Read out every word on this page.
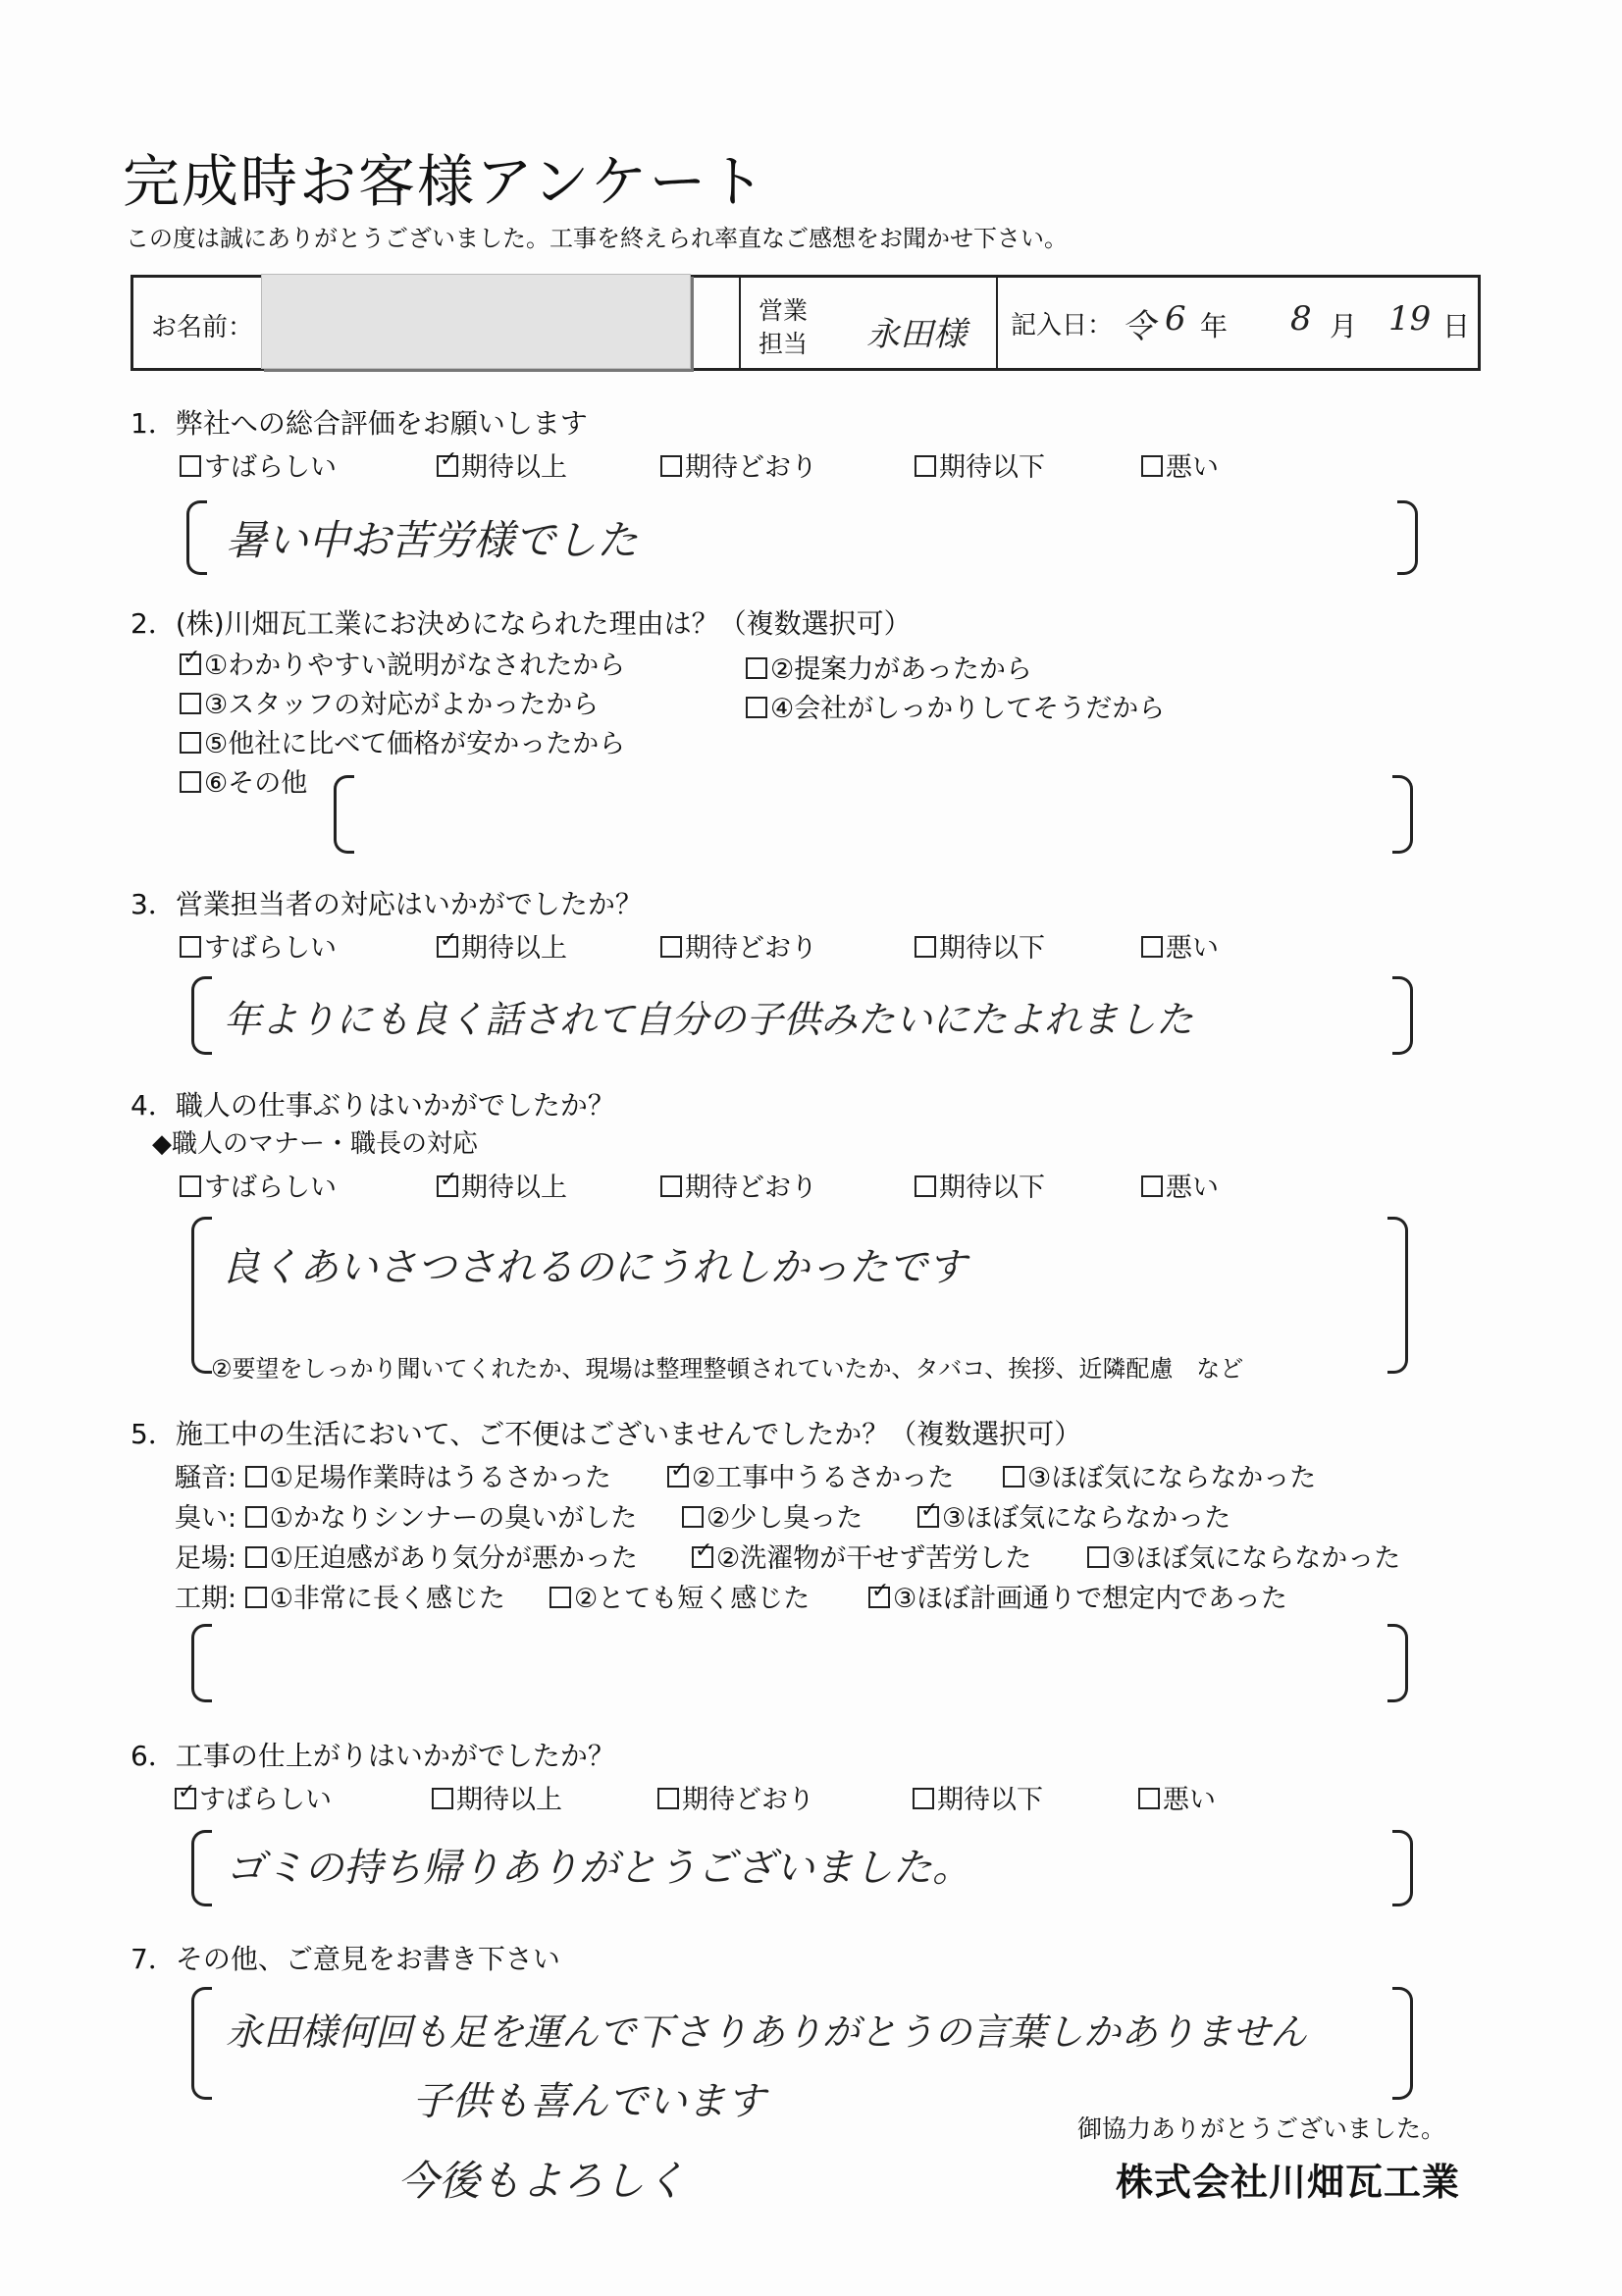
完成時お客様アンケート
この度は誠にありがとうございました。工事を終えられ率直なご感想をお聞かせ下さい。
お名前：
営業
担当 永田様 記入日： 令 6 年 8 月 19 日
1．弊社への総合評価をお願いします
すばらしい ✓	期待以上	期待どおり	期待以下	悪い
暑い中お苦労様でした
2．(株)川畑瓦工業にお決めになられた理由は？（複数選択可）
✓①わかりやすい説明がなされたから	②提案力があったから
③スタッフの対応がよかったから	④会社がしっかりしてそうだから
⑤他社に比べて価格が安かったから
⑥その他
3．営業担当者の対応はいかがでしたか？
すばらしい ✓	期待以上	期待どおり	期待以下	悪い
年よりにも良く話されて自分の子供みたいにたよれました
4．職人の仕事ぶりはいかがでしたか？
◆職人のマナー・職長の対応
すばらしい ✓	期待以上	期待どおり	期待以下	悪い
良くあいさつされるのにうれしかったです
②要望をしっかり聞いてくれたか、現場は整理整頓されていたか、タバコ、挨拶、近隣配慮　など
5．施工中の生活において、ご不便はございませんでしたか？（複数選択可）
騒音: ①足場作業時はうるさかった ✓	②工事中うるさかった	③ほぼ気にならなかった
臭い: ①かなりシンナーの臭いがした	②少し臭った ✓	③ほぼ気にならなかった
足場: ①圧迫感があり気分が悪かった ✓	②洗濯物が干せず苦労した	③ほぼ気にならなかった
工期: ①非常に長く感じた	②とても短く感じた ✓	③ほぼ計画通りで想定内であった
6．工事の仕上がりはいかがでしたか？
✓すばらしい	期待以上	期待どおり	期待以下	悪い
ゴミの持ち帰りありがとうございました。
7．その他、ご意見をお書き下さい
永田様何回も足を運んで下さりありがとうの言葉しかありません
子供も喜んでいます
今後もよろしく
御協力ありがとうございました。
株式会社川畑瓦工業
